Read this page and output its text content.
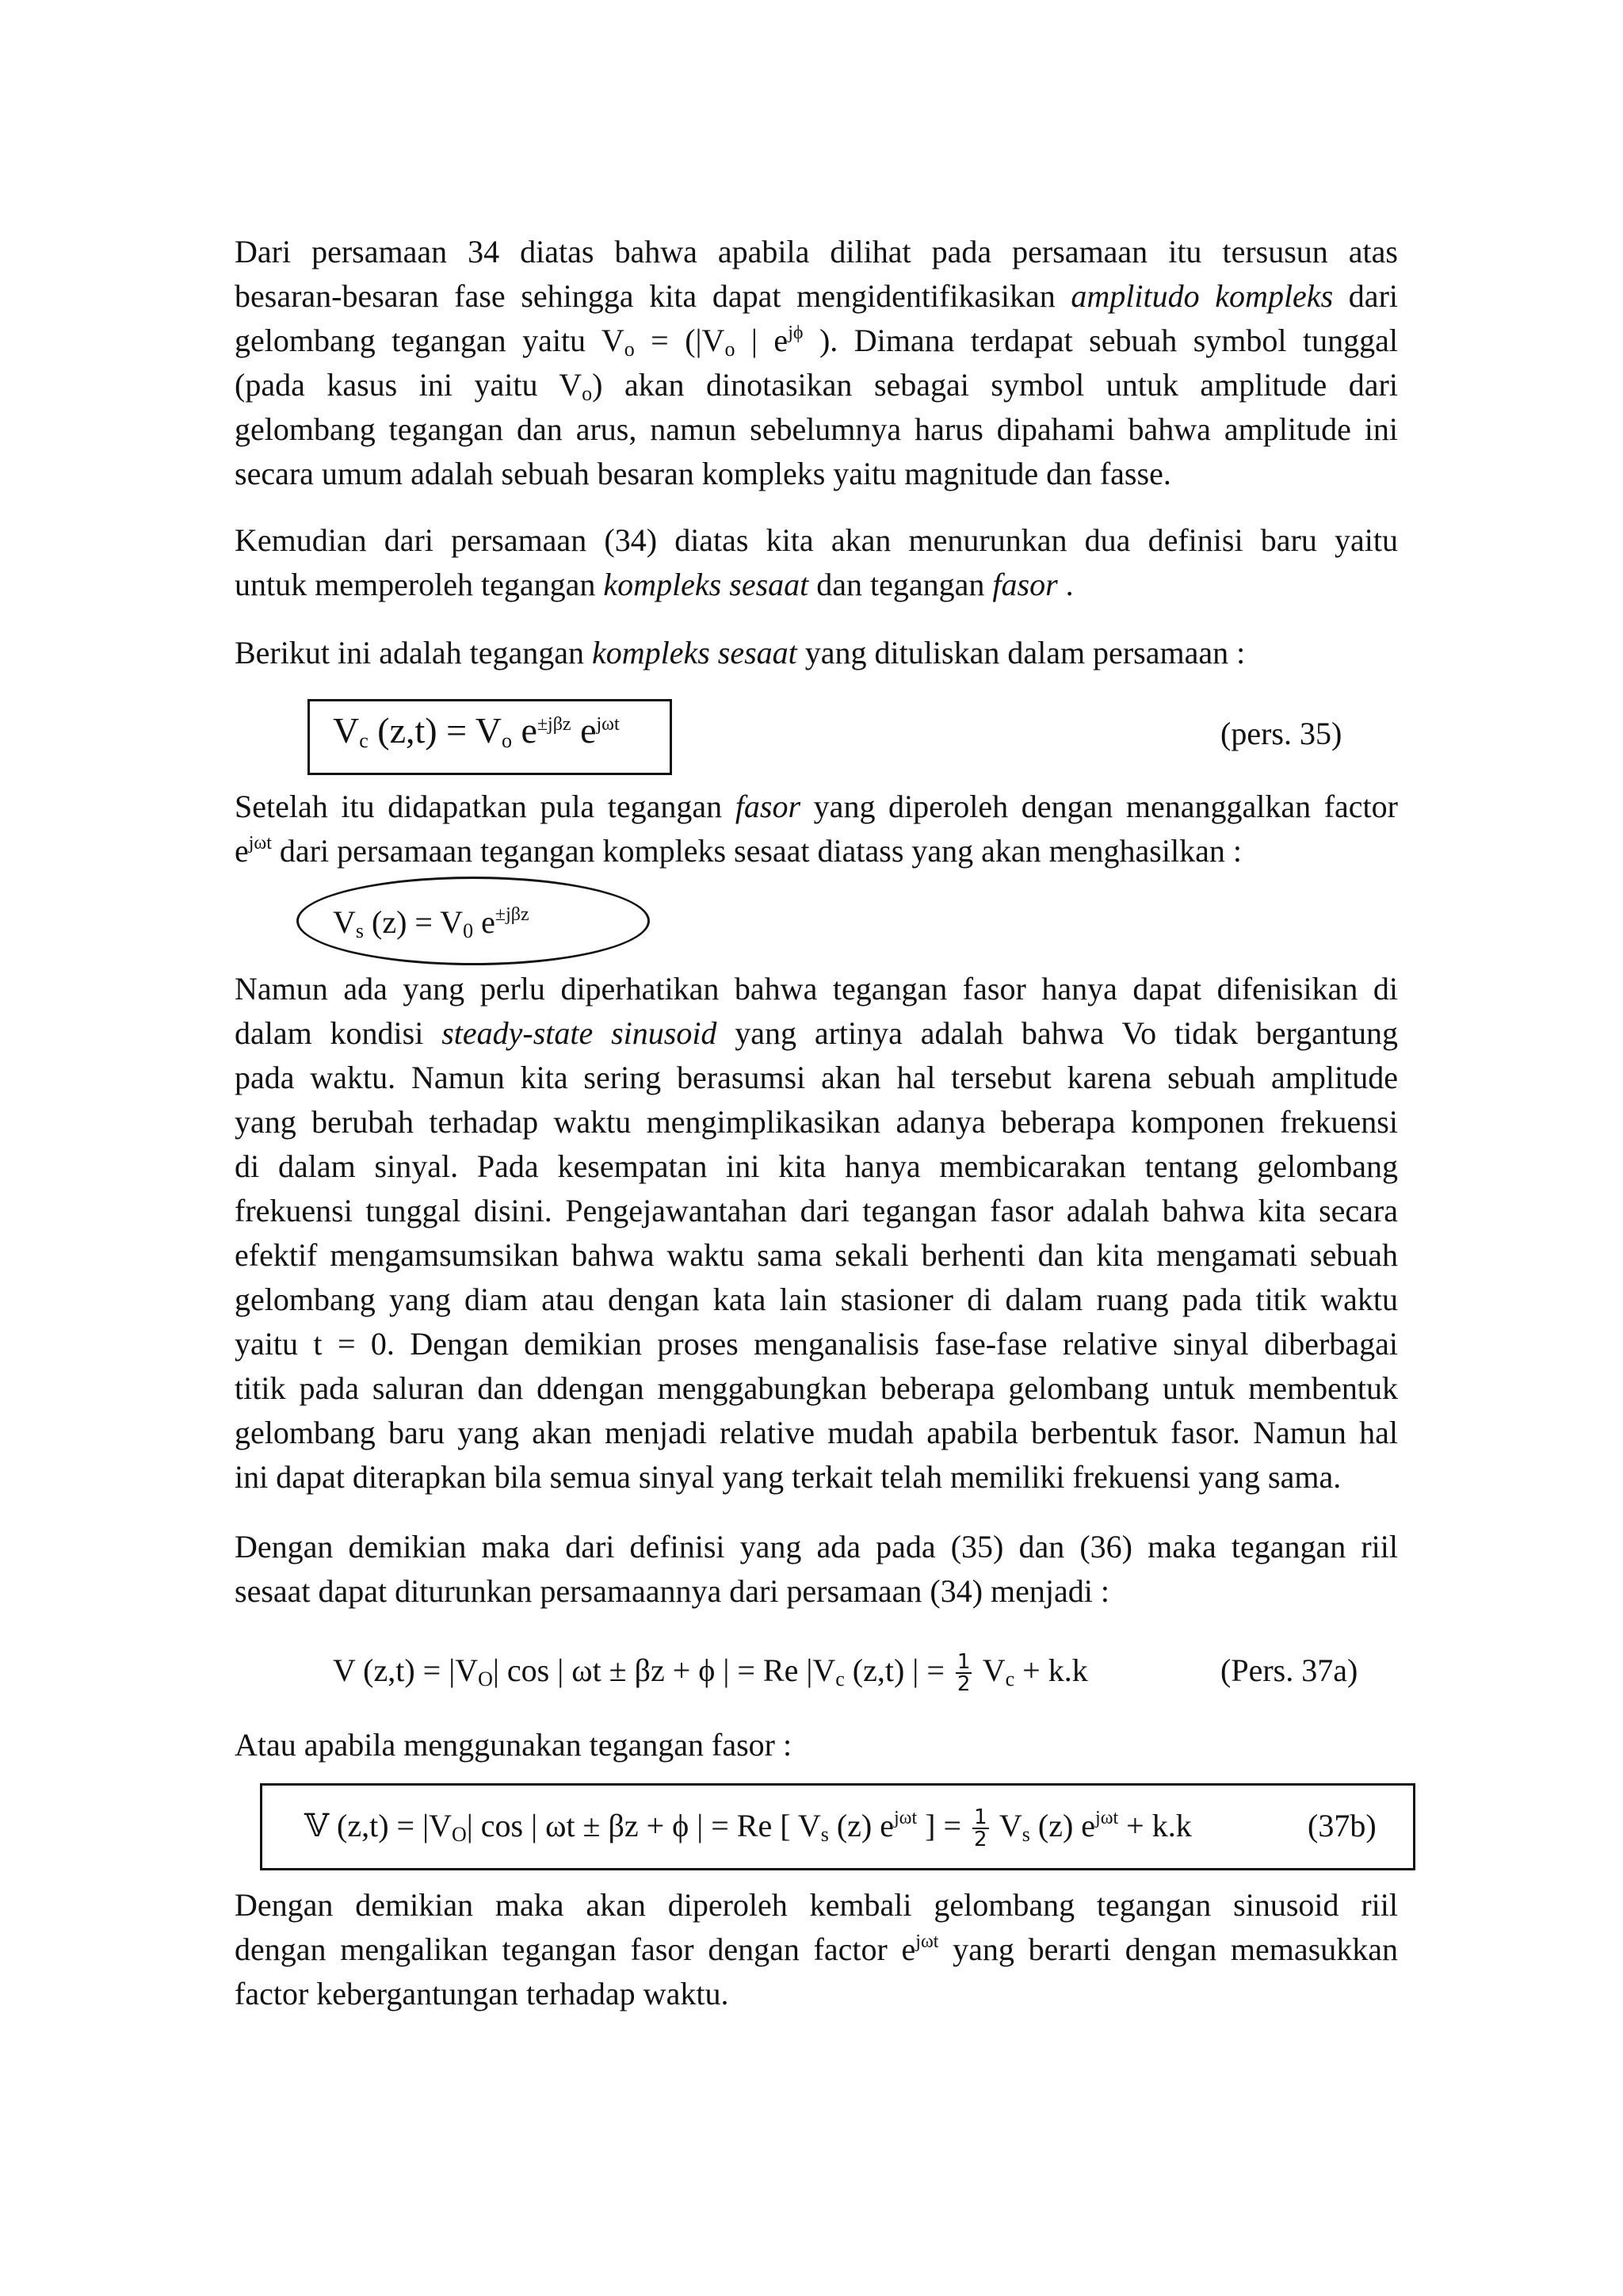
Dari persamaan 34 diatas bahwa apabila dilihat pada persamaan itu tersusun atas
besaran-besaran fase sehingga kita dapat mengidentifikasikan amplitudo kompleks dari
gelombang tegangan yaitu $V_o = (|V_o$ | $e^{j\phi}$ ). Dimana terdapat sebuah symbol tunggal
(pada kasus ini yaitu $V_o$) akan dinotasikan sebagai symbol untuk amplitude dari
gelombang tegangan dan arus, namun sebelumnya harus dipahami bahwa amplitude ini
secara umum adalah sebuah besaran kompleks yaitu magnitude dan fasse.
Kemudian dari persamaan (34) diatas kita akan menurunkan dua definisi baru yaitu
untuk memperoleh tegangan kompleks sesaat dan tegangan fasor .
Berikut ini adalah tegangan kompleks sesaat yang dituliskan dalam persamaan :
$V_c$ $(z,t) = V_o$ $e^{\pm j\beta z}$ $e^{j\omega t}$	(pers. 35)
Setelah itu didapatkan pula tegangan fasor yang diperoleh dengan menanggalkan factor
$e^{j\omega t}$ dari persamaan tegangan kompleks sesaat diatass yang akan menghasilkan :
$V_s$ $(z) = V_0$ $e^{\pm j\beta z}$
Namun ada yang perlu diperhatikan bahwa tegangan fasor hanya dapat difenisikan di
dalam kondisi steady-state sinusoid yang artinya adalah bahwa Vo tidak bergantung
pada waktu. Namun kita sering berasumsi akan hal tersebut karena sebuah amplitude
yang berubah terhadap waktu mengimplikasikan adanya beberapa komponen frekuensi
di dalam sinyal. Pada kesempatan ini kita hanya membicarakan tentang gelombang
frekuensi tunggal disini. Pengejawantahan dari tegangan fasor adalah bahwa kita secara
efektif mengamsumsikan bahwa waktu sama sekali berhenti dan kita mengamati sebuah
gelombang yang diam atau dengan kata lain stasioner di dalam ruang pada titik waktu
yaitu t = 0. Dengan demikian proses menganalisis fase-fase relative sinyal diberbagai
titik pada saluran dan ddengan menggabungkan beberapa gelombang untuk membentuk
gelombang baru yang akan menjadi relative mudah apabila berbentuk fasor. Namun hal
ini dapat diterapkan bila semua sinyal yang terkait telah memiliki frekuensi yang sama.
Dengan demikian maka dari definisi yang ada pada (35) dan (36) maka tegangan riil
sesaat dapat diturunkan persamaannya dari persamaan (34) menjadi :
V $(z,t) = |V_O|$ cos | ωt ± βz + ϕ | = Re $|V_c$ (z,t) | = $\frac{1}{2} V_c + k.k$	(Pers. 37a)
Atau apabila menggunakan tegangan fasor :
𝕍 $(z,t) = |V_O|$ cos | ωt ± βz + ϕ | = Re [ $V_s$ (z) $e^{j\omega t}$ ] = $\frac{1}{2} V_s$ (z) $e^{j\omega t} + k.k$	(37b)
Dengan demikian maka akan diperoleh kembali gelombang tegangan sinusoid riil
dengan mengalikan tegangan fasor dengan factor $e^{j\omega t}$ yang berarti dengan memasukkan
factor kebergantungan terhadap waktu.
